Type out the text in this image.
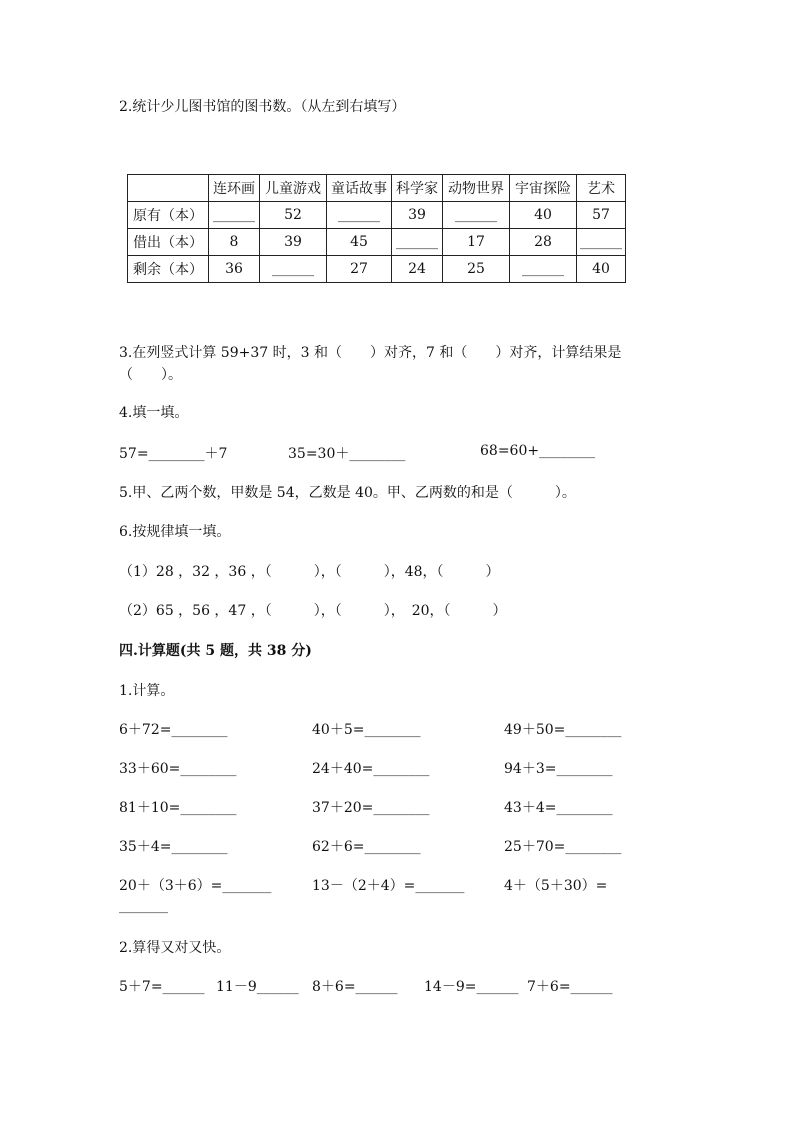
2.统计少儿图书馆的图书数。（从左到右填写）
	连环画	儿童游戏	童话故事	科学家	动物世界	宇宙探险	艺术
原有（本）	______	52	______	39	______	40	57
借出（本）	8	39	45	______	17	28	______
剩余（本）	36	______	27	24	25	______	40
3.在列竖式计算 59+37 时，3 和（　　）对齐，7 和（　　）对齐，计算结果是
（　　）。
4.填一填。
57=________＋7	35=30＋________	68=60+________
5.甲、乙两个数，甲数是 54，乙数是 40。甲、乙两数的和是（　　　）。
6.按规律填一填。
（1）28 ，32 ，36 ，（　　　），（　　　），48，（　　　）
（2）65 ，56 ，47 ，（　　　），（　　　），　20，（　　　）
四.计算题(共 5 题，共 38 分)
1.计算。
6＋72=________	40＋5=________	49＋50=________
33＋60=________	24＋40=________	94＋3=________
81＋10=________	37＋20=________	43＋4=________
35＋4=________	62＋6=________	25＋70=________
20＋（3＋6）=_______	13－（2＋4）=_______	4＋（5＋30）=
_______
2.算得又对又快。
5＋7=______ 11－9______ 8＋6=______ 14－9=______ 7＋6=______
